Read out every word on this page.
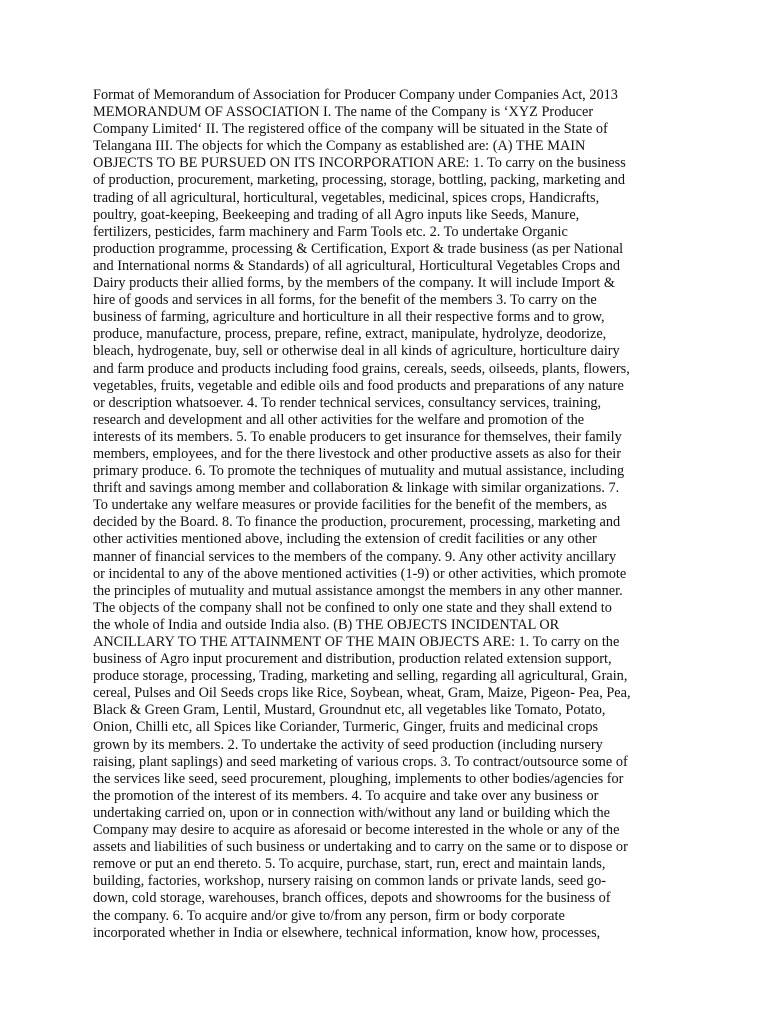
Format of Memorandum of Association for Producer Company under Companies Act, 2013
MEMORANDUM OF ASSOCIATION I. The name of the Company is ‘XYZ Producer
Company Limited‘ II. The registered office of the company will be situated in the State of
Telangana III. The objects for which the Company as established are: (A) THE MAIN
OBJECTS TO BE PURSUED ON ITS INCORPORATION ARE: 1. To carry on the business
of production, procurement, marketing, processing, storage, bottling, packing, marketing and
trading of all agricultural, horticultural, vegetables, medicinal, spices crops, Handicrafts,
poultry, goat-keeping, Beekeeping and trading of all Agro inputs like Seeds, Manure,
fertilizers, pesticides, farm machinery and Farm Tools etc. 2. To undertake Organic
production programme, processing & Certification, Export & trade business (as per National
and International norms & Standards) of all agricultural, Horticultural Vegetables Crops and
Dairy products their allied forms, by the members of the company. It will include Import &
hire of goods and services in all forms, for the benefit of the members 3. To carry on the
business of farming, agriculture and horticulture in all their respective forms and to grow,
produce, manufacture, process, prepare, refine, extract, manipulate, hydrolyze, deodorize,
bleach, hydrogenate, buy, sell or otherwise deal in all kinds of agriculture, horticulture dairy
and farm produce and products including food grains, cereals, seeds, oilseeds, plants, flowers,
vegetables, fruits, vegetable and edible oils and food products and preparations of any nature
or description whatsoever. 4. To render technical services, consultancy services, training,
research and development and all other activities for the welfare and promotion of the
interests of its members. 5. To enable producers to get insurance for themselves, their family
members, employees, and for the there livestock and other productive assets as also for their
primary produce. 6. To promote the techniques of mutuality and mutual assistance, including
thrift and savings among member and collaboration & linkage with similar organizations. 7.
To undertake any welfare measures or provide facilities for the benefit of the members, as
decided by the Board. 8. To finance the production, procurement, processing, marketing and
other activities mentioned above, including the extension of credit facilities or any other
manner of financial services to the members of the company. 9. Any other activity ancillary
or incidental to any of the above mentioned activities (1-9) or other activities, which promote
the principles of mutuality and mutual assistance amongst the members in any other manner.
The objects of the company shall not be confined to only one state and they shall extend to
the whole of India and outside India also. (B) THE OBJECTS INCIDENTAL OR
ANCILLARY TO THE ATTAINMENT OF THE MAIN OBJECTS ARE: 1. To carry on the
business of Agro input procurement and distribution, production related extension support,
produce storage, processing, Trading, marketing and selling, regarding all agricultural, Grain,
cereal, Pulses and Oil Seeds crops like Rice, Soybean, wheat, Gram, Maize, Pigeon- Pea, Pea,
Black & Green Gram, Lentil, Mustard, Groundnut etc, all vegetables like Tomato, Potato,
Onion, Chilli etc, all Spices like Coriander, Turmeric, Ginger, fruits and medicinal crops
grown by its members. 2. To undertake the activity of seed production (including nursery
raising, plant saplings) and seed marketing of various crops. 3. To contract/outsource some of
the services like seed, seed procurement, ploughing, implements to other bodies/agencies for
the promotion of the interest of its members. 4. To acquire and take over any business or
undertaking carried on, upon or in connection with/without any land or building which the
Company may desire to acquire as aforesaid or become interested in the whole or any of the
assets and liabilities of such business or undertaking and to carry on the same or to dispose or
remove or put an end thereto. 5. To acquire, purchase, start, run, erect and maintain lands,
building, factories, workshop, nursery raising on common lands or private lands, seed go-
down, cold storage, warehouses, branch offices, depots and showrooms for the business of
the company. 6. To acquire and/or give to/from any person, firm or body corporate
incorporated whether in India or elsewhere, technical information, know how, processes,
